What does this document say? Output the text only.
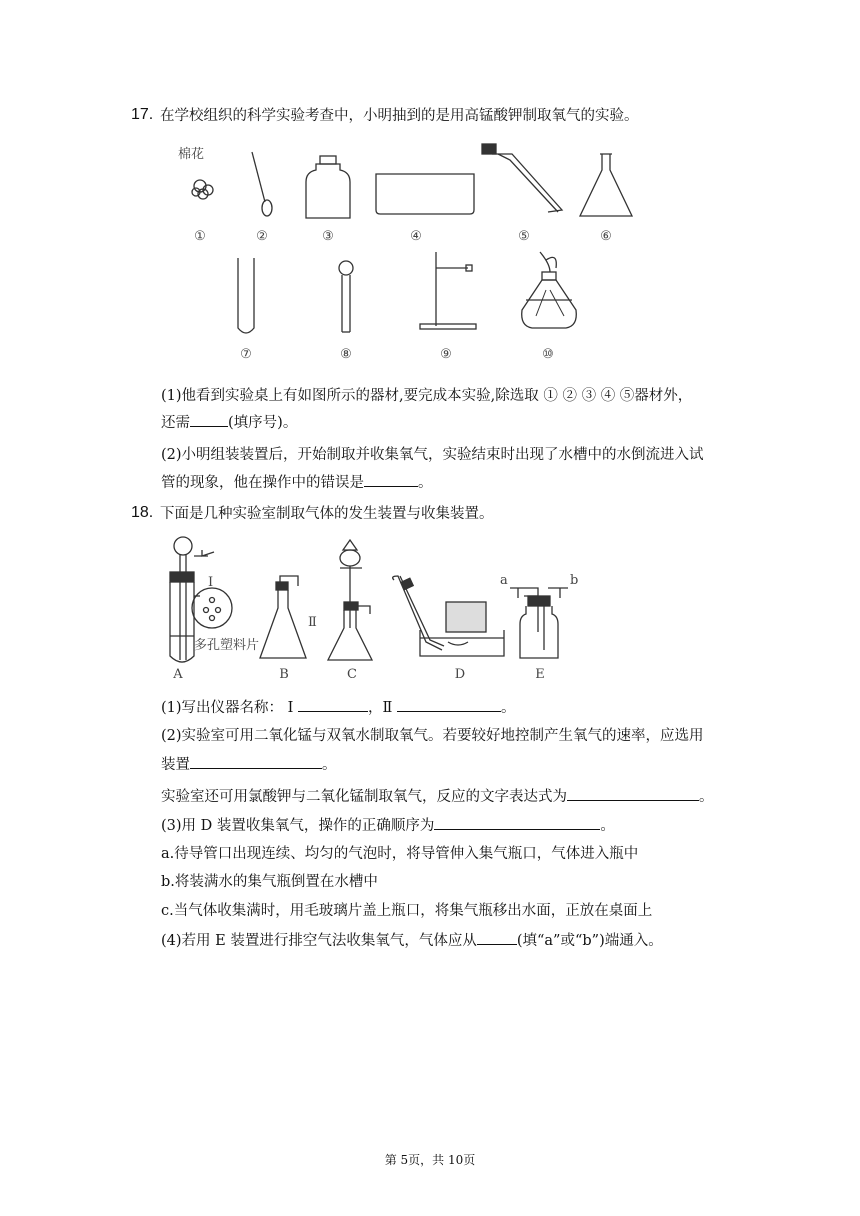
17. 在学校组织的科学实验考查中，小明抽到的是用高锰酸钾制取氧气的实验。
棉花
①	②	③	④	⑤	⑥
⑦	⑧	⑨	⑩
(1)他看到实验桌上有如图所示的器材,要完成本实验,除选取 ① ② ③ ④ ⑤器材外，
还需	(填序号)。
(2)小明组装装置后，开始制取并收集氧气，实验结束时出现了水槽中的水倒流进入试
管的现象，他在操作中的错误是	。
18. 下面是几种实验室制取气体的发生装置与收集装置。
Ⅰ
Ⅱ
多孔塑料片
a	b
A	B	C	D	E
(1)写出仪器名称： Ⅰ	，Ⅱ	。
(2)实验室可用二氧化锰与双氧水制取氧气。若要较好地控制产生氧气的速率，应选用
装置	。
实验室还可用氯酸钾与二氧化锰制取氧气，反应的文字表达式为	。
(3)用 D 装置收集氧气，操作的正确顺序为	。
a.待导管口出现连续、均匀的气泡时，将导管伸入集气瓶口，气体进入瓶中
b.将装满水的集气瓶倒置在水槽中
c.当气体收集满时，用毛玻璃片盖上瓶口，将集气瓶移出水面，正放在桌面上
(4)若用 E 装置进行排空气法收集氧气，气体应从	(填“a”或“b”)端通入。
第 5页，共 10页
